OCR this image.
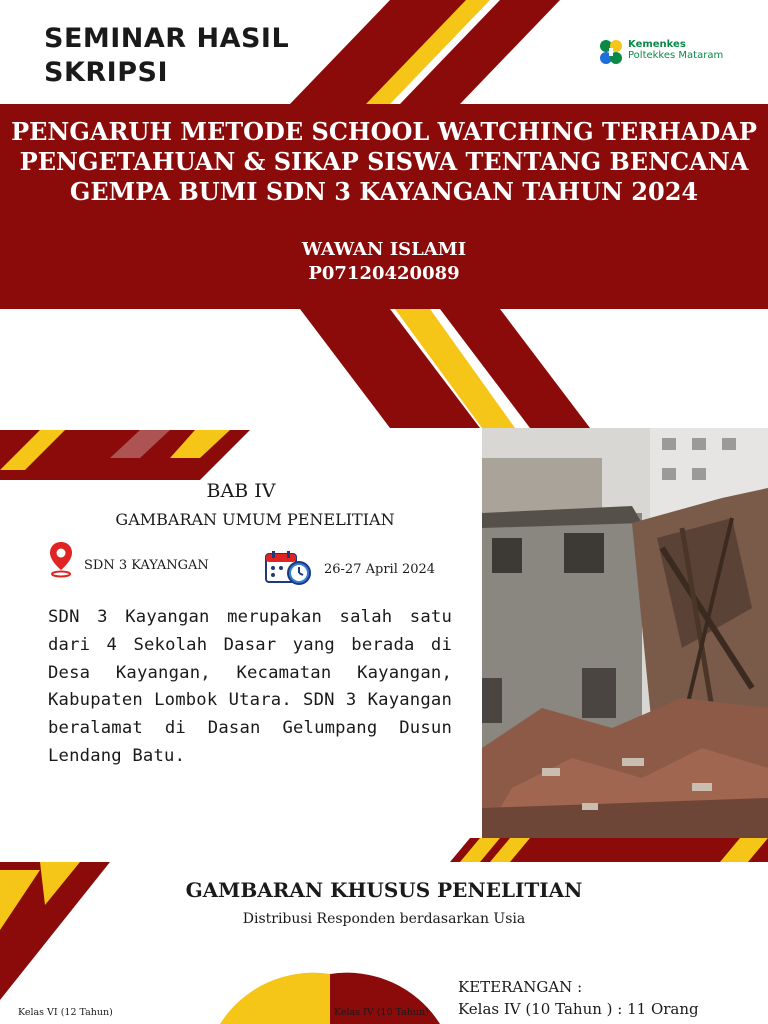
SEMINAR HASIL SKRIPSI
Kemenkes
Poltekkes Mataram
PENGARUH METODE SCHOOL WATCHING TERHADAP
PENGETAHUAN & SIKAP SISWA TENTANG BENCANA
GEMPA BUMI SDN 3 KAYANGAN TAHUN 2024
WAWAN ISLAMI
P07120420089
BAB IV
GAMBARAN UMUM PENELITIAN
SDN 3 KAYANGAN	26-27 April 2024
SDN 3 Kayangan merupakan salah satu dari 4 Sekolah Dasar yang berada di Desa Kayangan, Kecamatan Kayangan, Kabupaten Lombok Utara. SDN 3 Kayangan beralamat di Dasan Gelumpang Dusun Lendang Batu.
GAMBARAN KHUSUS PENELITIAN
Distribusi Responden berdasarkan Usia
Kelas VI (12 Tahun)	Kelas IV (10 Tahun)
KETERANGAN :
Kelas IV (10 Tahun ) : 11 Orang
